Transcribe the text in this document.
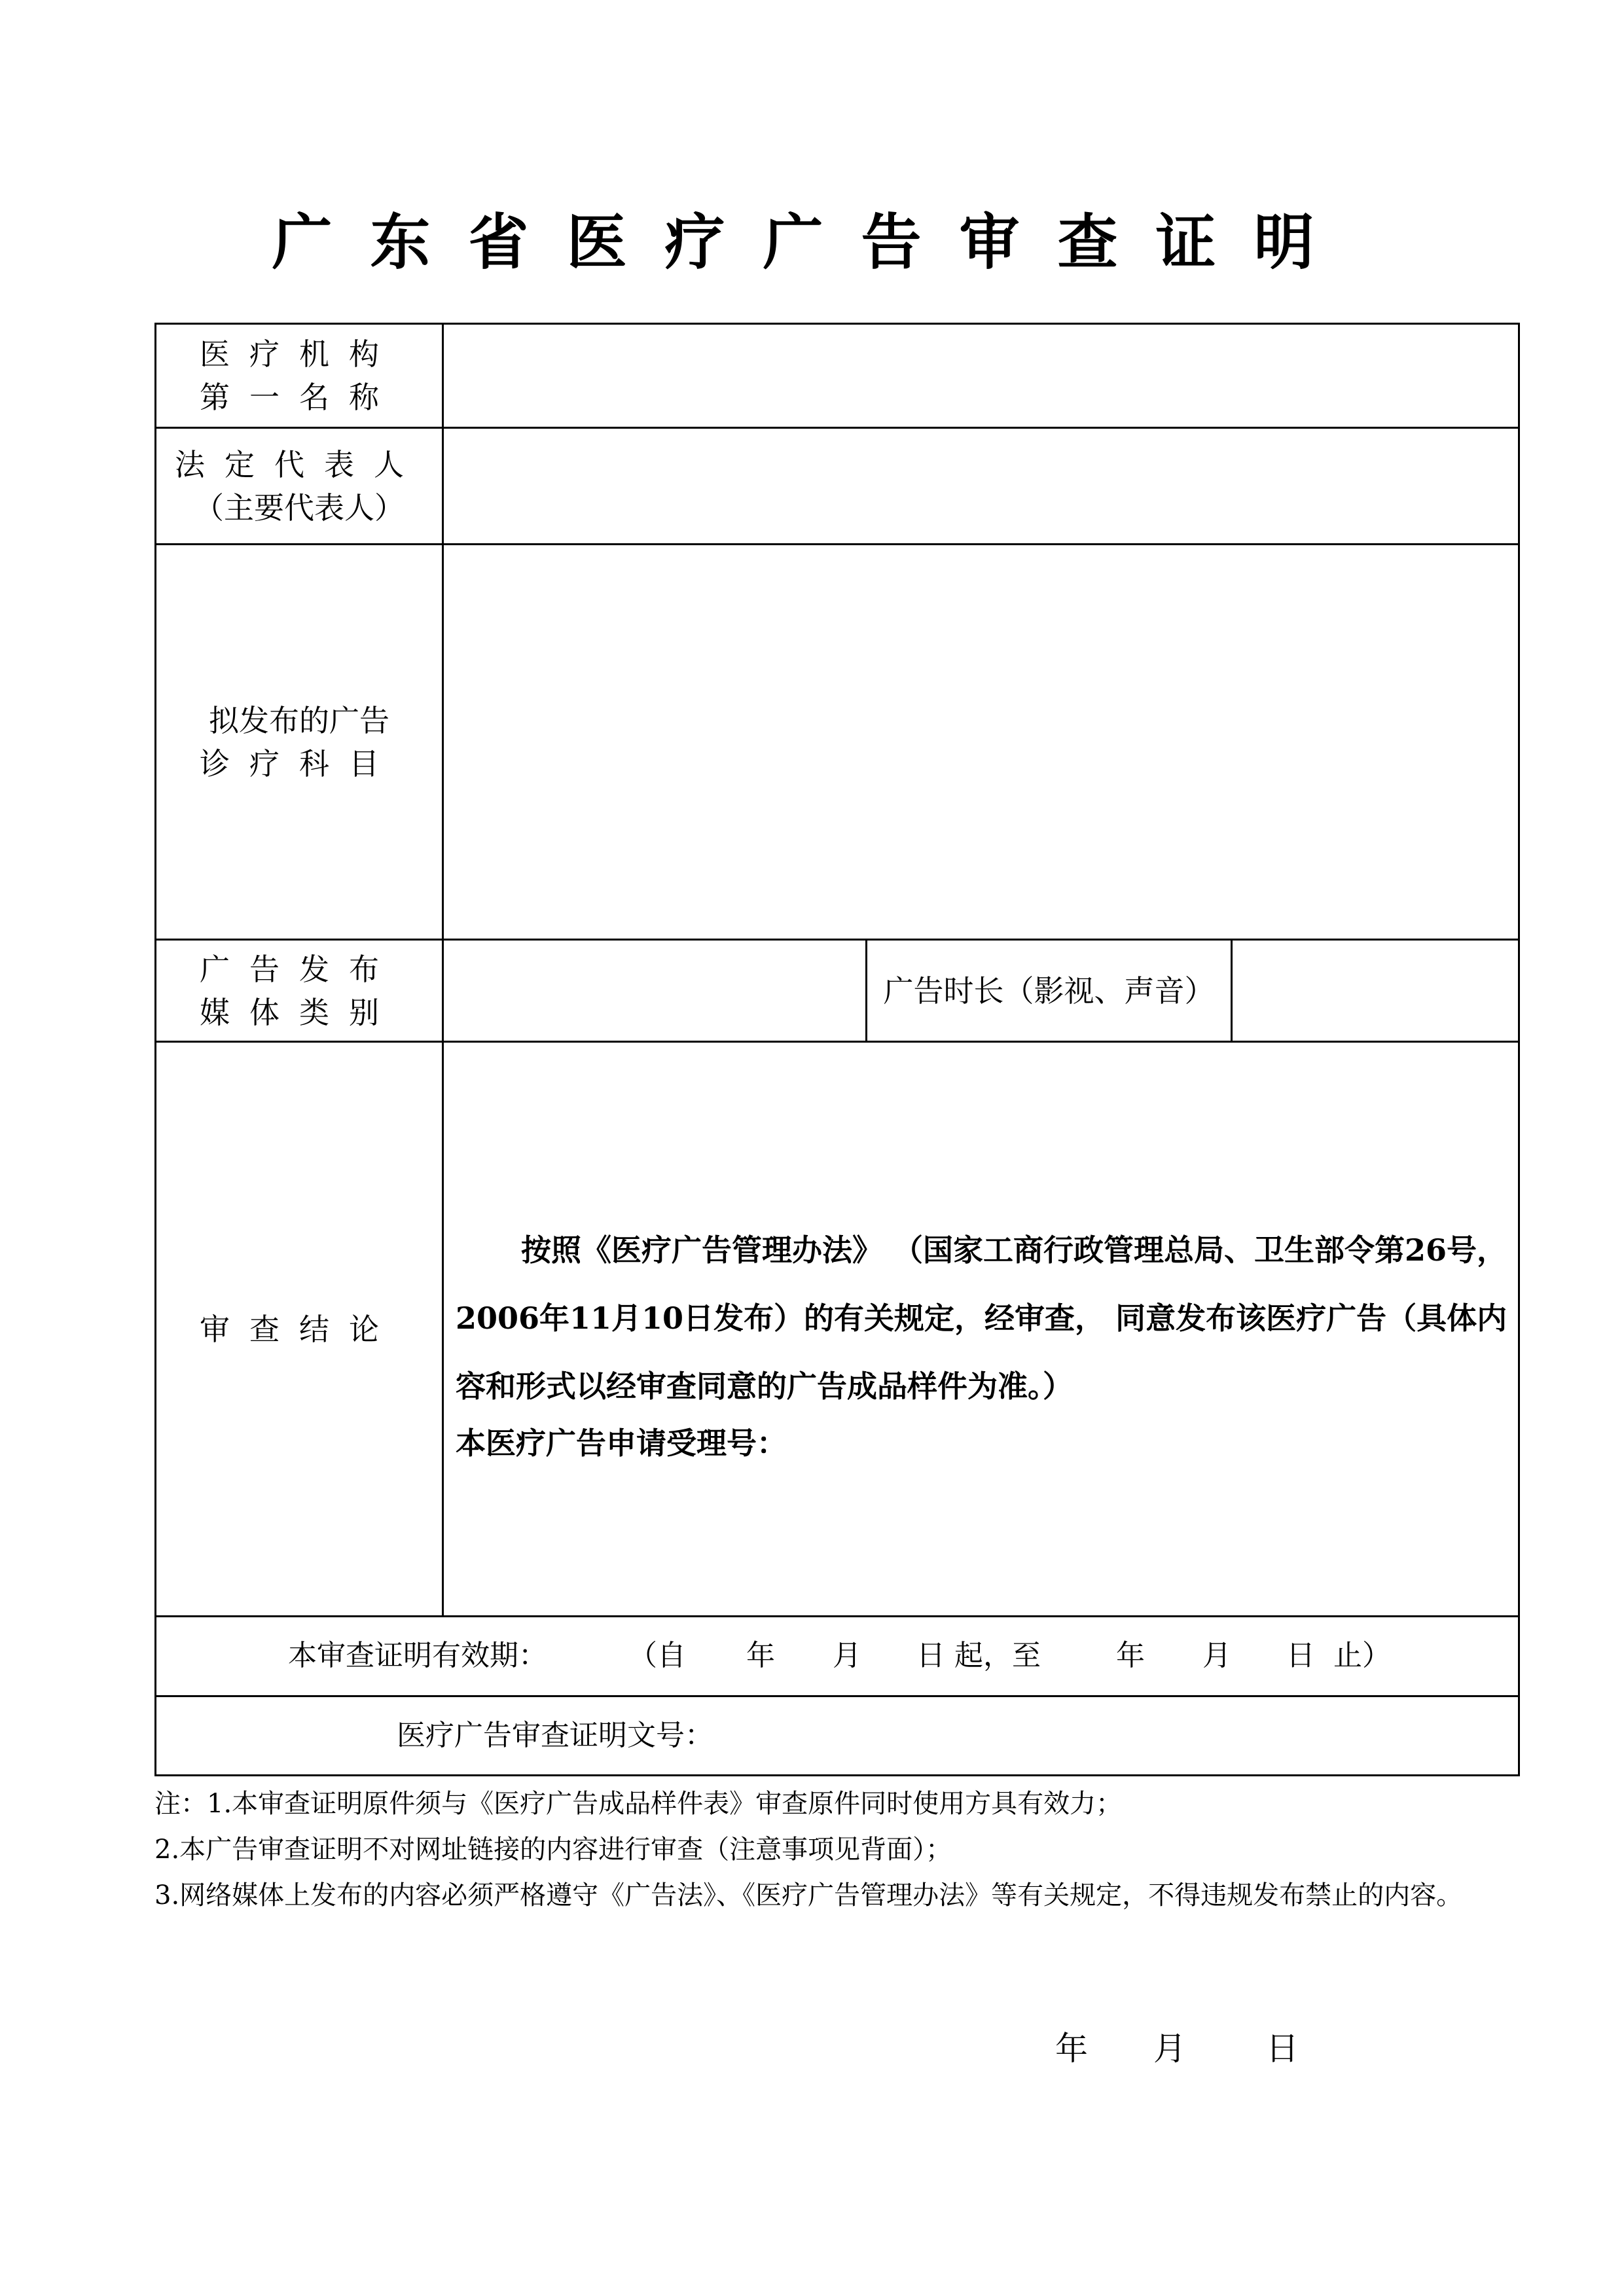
广东省医疗广告审查证明
医疗机构
第一名称
法定代表人
（主要代表人）
拟发布的广告
诊疗科目
广告发布
媒体类别
广告时长（影视、声音）
审查结论

按照《医疗广告管理办法》 （国家工商行政管理总局、卫生部令第26号，2006年11月10日发布）的有关规定，经审查， 同意发布该医疗广告（具体内容和形式以经审查同意的广告成品样件为准。）

本医疗广告申请受理号：

本审查证明有效期：	（自 年 月 日 起，至	年 月 日  止）
医疗广告审查证明文号：
注：1.本审查证明原件须与《医疗广告成品样件表》审查原件同时使用方具有效力；
2.本广告审查证明不对网址链接的内容进行审查（注意事项见背面）；
3.网络媒体上发布的内容必须严格遵守《广告法》、《医疗广告管理办法》等有关规定，不得违规发布禁止的内容。
年 月 日
